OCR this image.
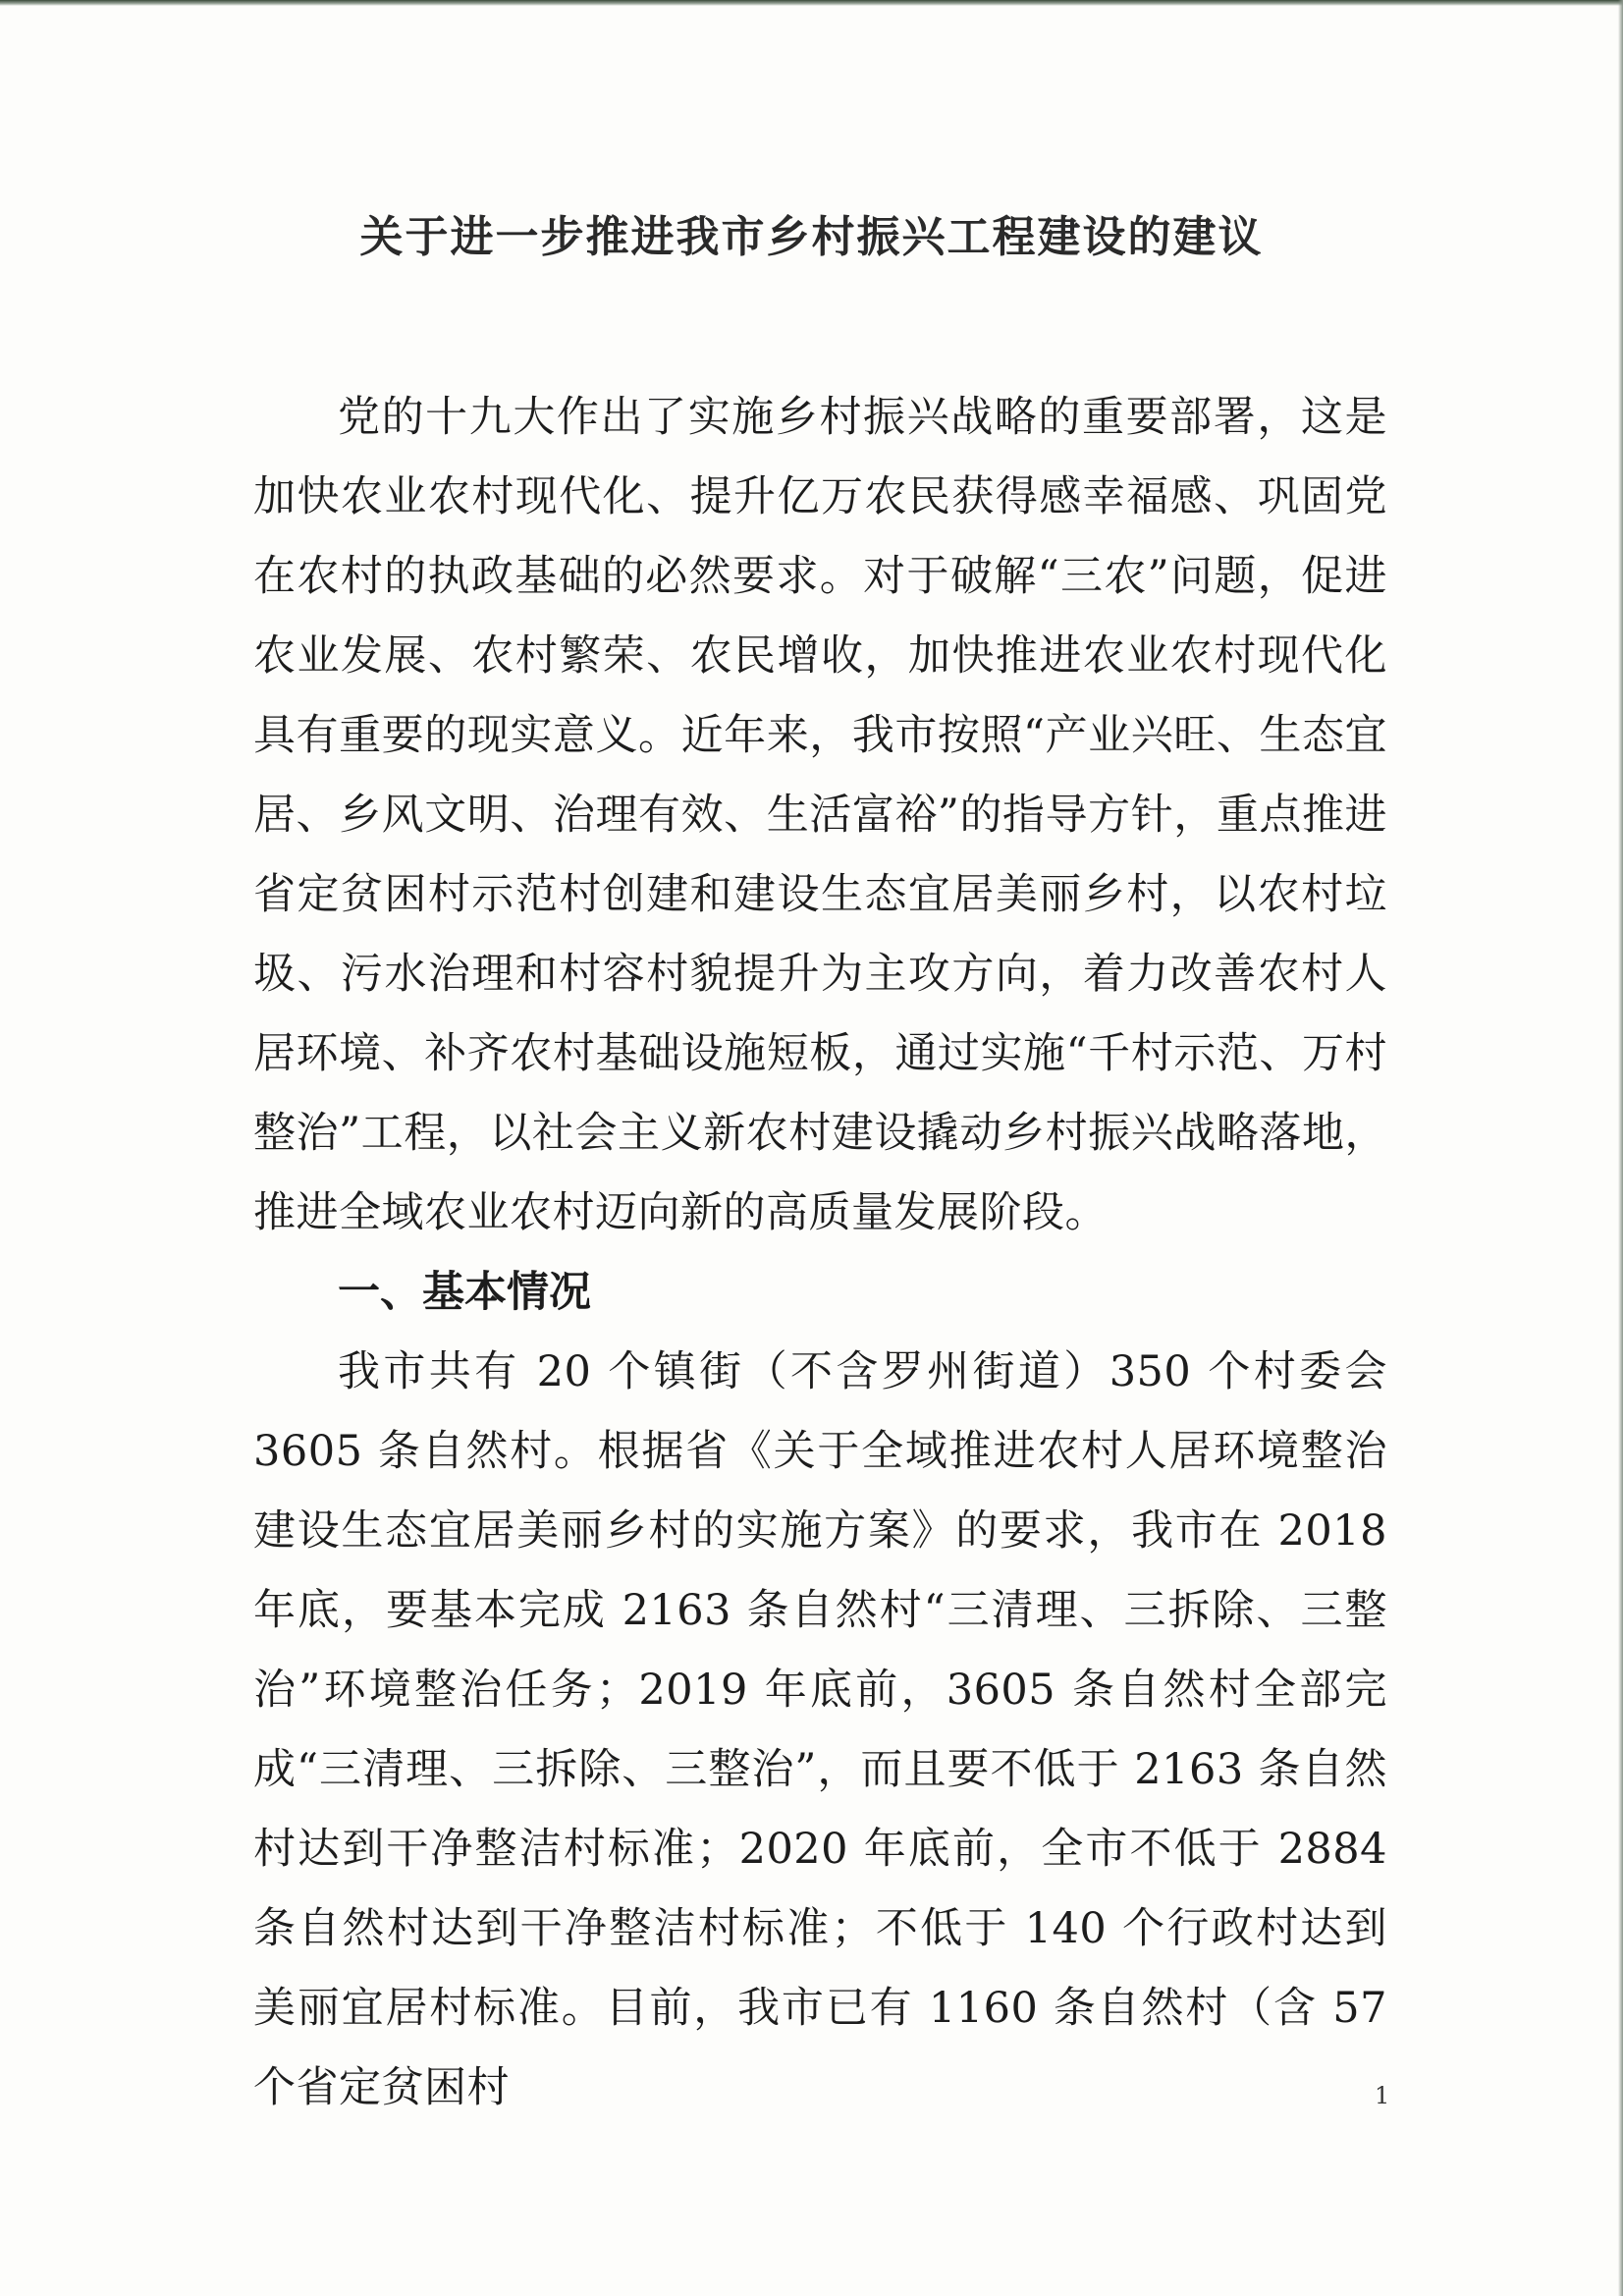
关于进一步推进我市乡村振兴工程建设的建议

党的十九大作出了实施乡村振兴战略的重要部署，这是加快农业农村现代化、提升亿万农民获得感幸福感、巩固党在农村的执政基础的必然要求。对于破解“三农”问题，促进农业发展、农村繁荣、农民增收，加快推进农业农村现代化具有重要的现实意义。近年来，我市按照“产业兴旺、生态宜居、乡风文明、治理有效、生活富裕”的指导方针，重点推进省定贫困村示范村创建和建设生态宜居美丽乡村，以农村垃圾、污水治理和村容村貌提升为主攻方向，着力改善农村人居环境、补齐农村基础设施短板，通过实施“千村示范、万村整治”工程，以社会主义新农村建设撬动乡村振兴战略落地，推进全域农业农村迈向新的高质量发展阶段。

一、基本情况

我市共有 20 个镇街（不含罗州街道）350 个村委会 3605 条自然村。根据省《关于全域推进农村人居环境整治建设生态宜居美丽乡村的实施方案》的要求，我市在 2018 年底，要基本完成 2163 条自然村“三清理、三拆除、三整治”环境整治任务；2019 年底前，3605 条自然村全部完成“三清理、三拆除、三整治”，而且要不低于 2163 条自然村达到干净整洁村标准；2020 年底前，全市不低于 2884 条自然村达到干净整洁村标准；不低于 140 个行政村达到美丽宜居村标准。目前，我市已有 1160 条自然村（含 57 个省定贫困村	1
